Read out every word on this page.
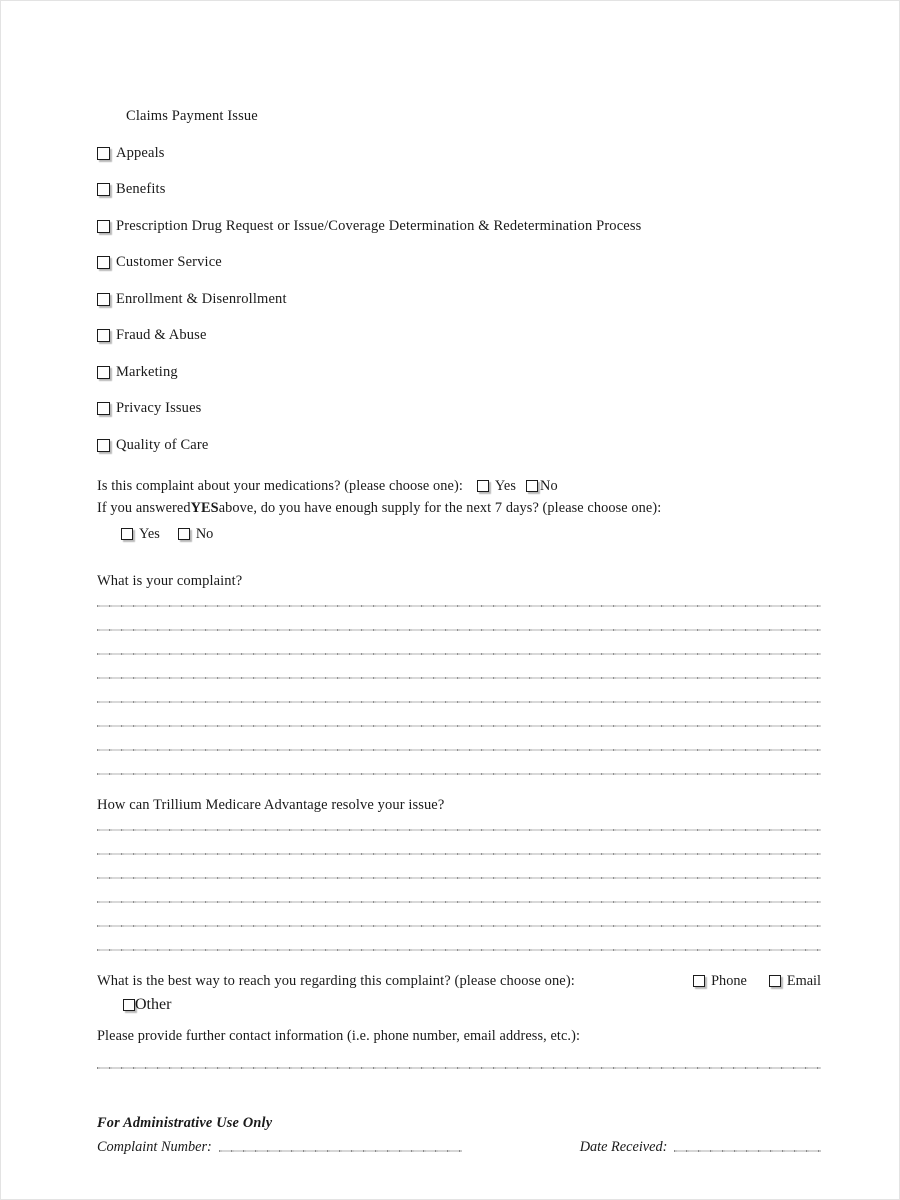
Claims Payment Issue
Appeals
Benefits
Prescription Drug Request or Issue/Coverage Determination & Redetermination Process
Customer Service
Enrollment & Disenrollment
Fraud & Abuse
Marketing
Privacy Issues
Quality of Care
Is this complaint about your medications? (please choose one): Yes No
If you answered YES above, do you have enough supply for the next 7 days? (please choose one):
Yes	No
What is your complaint?
How can Trillium Medicare Advantage resolve your issue?
What is the best way to reach you regarding this complaint? (please choose one):	Phone	Email
Other
Please provide further contact information (i.e. phone number, email address, etc.):
For Administrative Use Only
Complaint Number:	Date Received:
